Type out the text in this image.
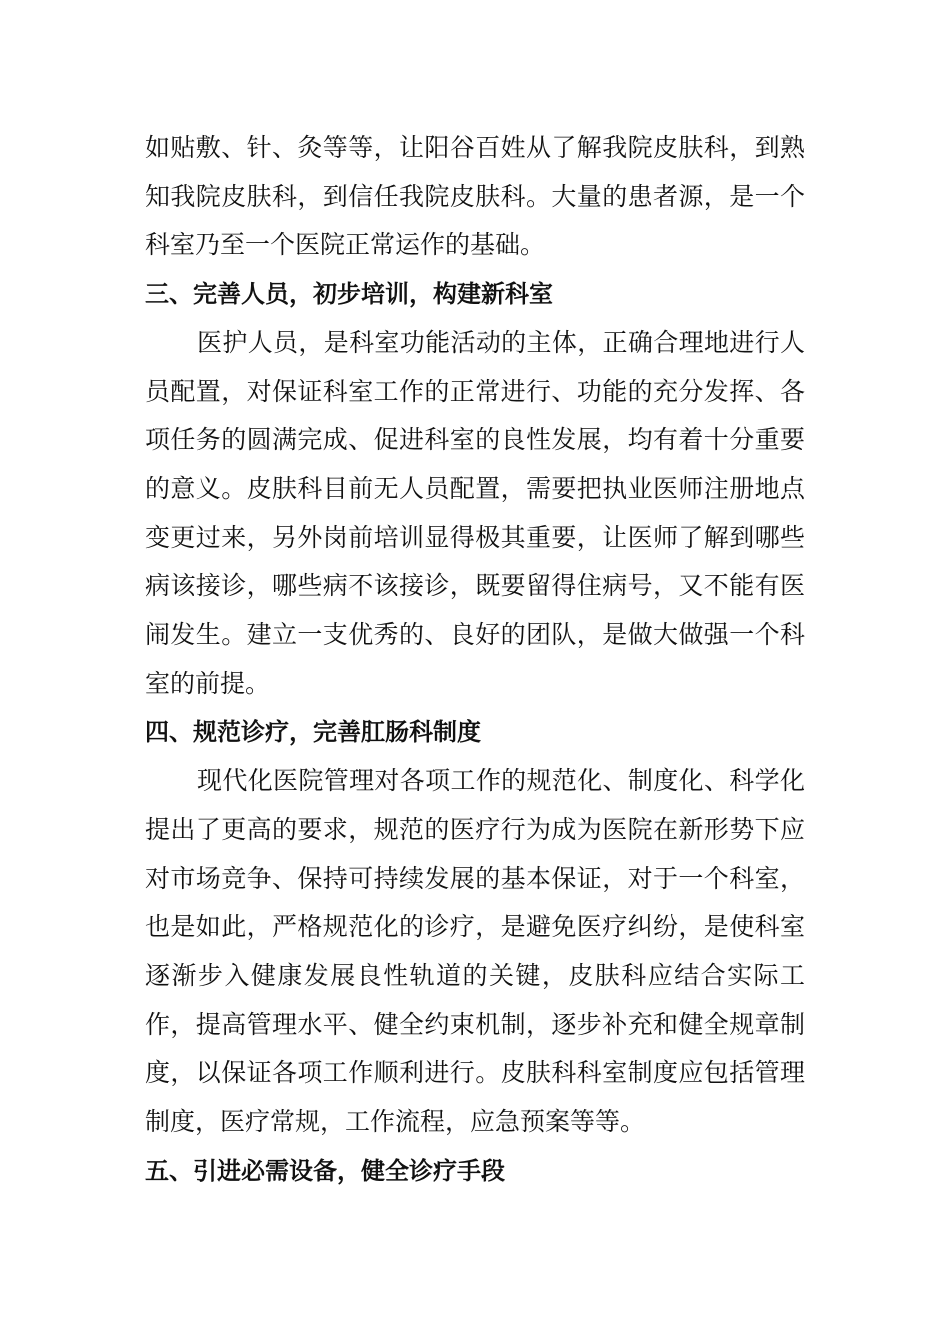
如贴敷、针、灸等等，让阳谷百姓从了解我院皮肤科，到熟知我院皮肤科，到信任我院皮肤科。大量的患者源，是一个科室乃至一个医院正常运作的基础。

三、完善人员，初步培训，构建新科室

医护人员，是科室功能活动的主体，正确合理地进行人员配置，对保证科室工作的正常进行、功能的充分发挥、各项任务的圆满完成、促进科室的良性发展，均有着十分重要的意义。皮肤科目前无人员配置，需要把执业医师注册地点变更过来，另外岗前培训显得极其重要，让医师了解到哪些病该接诊，哪些病不该接诊，既要留得住病号，又不能有医闹发生。建立一支优秀的、良好的团队，是做大做强一个科室的前提。

四、规范诊疗，完善肛肠科制度

现代化医院管理对各项工作的规范化、制度化、科学化提出了更高的要求，规范的医疗行为成为医院在新形势下应对市场竞争、保持可持续发展的基本保证，对于一个科室，也是如此，严格规范化的诊疗，是避免医疗纠纷，是使科室逐渐步入健康发展良性轨道的关键，皮肤科应结合实际工作，提高管理水平、健全约束机制，逐步补充和健全规章制度，以保证各项工作顺利进行。皮肤科科室制度应包括管理制度，医疗常规，工作流程，应急预案等等。

五、引进必需设备，健全诊疗手段
